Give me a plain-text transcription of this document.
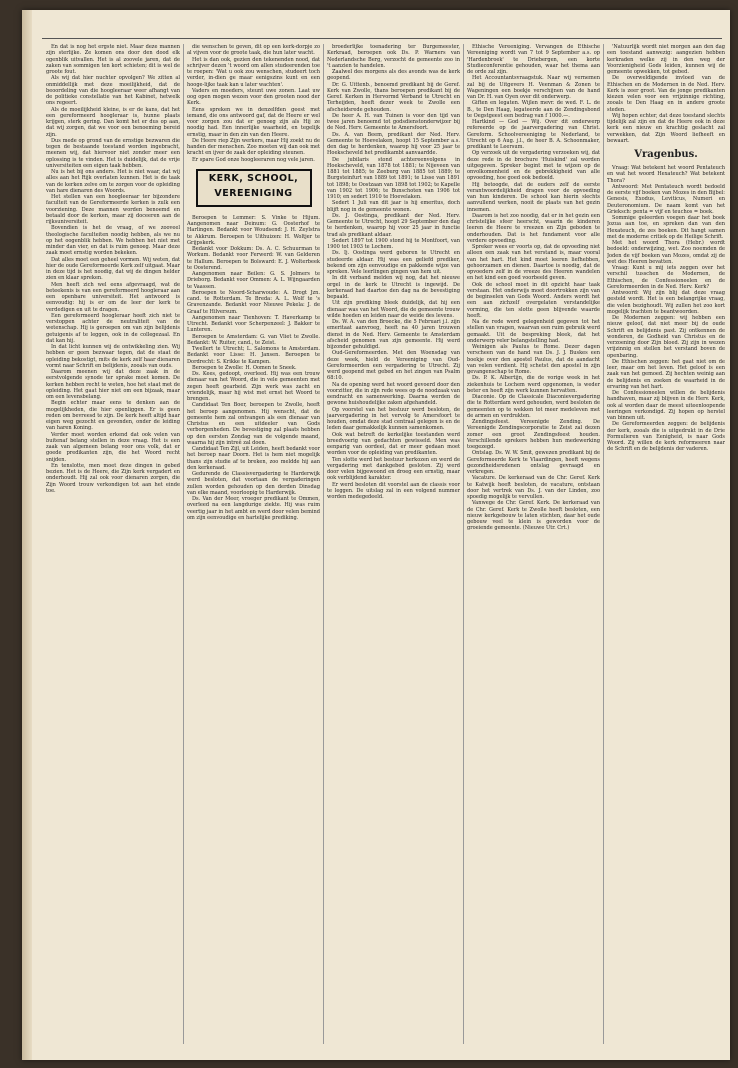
En dat is nog het ergste niet. Maar deze mannen zijn sterlijke. Ze komen ons door den dood elk ogenblik uitvallen. Het is al zoovele jaren, dat de zaken van sommigen ten kort schieten; dit is wel de groote fout.

Als wij dat hier nuchter opvolgen? We zitten al onmiddellijk met deze moeilijkheid, dat de beoordeling van die hoogleeraar weer afhangt van de politieke constellatie van het Kabinet, hetwelk ons regeert.

Als de moeilijkheid kleine, is er de kans, dat het een gereformeerd hoogleraar is, hunne plaats krijgen, sterk gering. Dan komt het er dus op aan, dat wij zorgen, dat we voor een benoeming bereid zijn.

Dus mede op grond van de ernstige bezwaren die tegen de bestaande toestand worden ingebracht, meenen wij, dat hiervoor niet zonder meer een oplossing is te vinden. Het is duidelijk, dat de vrije universiteiten een eigen taak hebben.

Nu is het bij ons anders. Het is niet waar, dat wij alles aan het Rijk overlaten kunnen. Het is de taak van de kerken zelve om te zorgen voor de opleiding van hare dienaren des Woords.

Het stellen van een hoogleeraar ter bijzondere faculteit van de Gereformeerde kerken is zulk een voorziening. Deze mannen worden benoemd en betaald door de kerken, maar zij doceeren aan de rijksuniversiteit.

Bovendien is het de vraag, of we zooveel theologische faculteiten noodig hebben, als we nu op het oogenblik hebben. We hebben het niet met minder dan vier, en dat is ruim genoeg. Maar deze zaak moet ernstig worden bekeken.

Dat alles moet een geheel vormen. Wij weten, dat hier de oude Gereformeerde Kerk zelf uitgaat. Maar in deze tijd is het noodig, dat wij de dingen helder zien en klaar spreken.

Men heeft zich wel eens afgevraagd, wat de beteekenis is van een gereformeerd hoogleraar aan een openbare universiteit. Het antwoord is eenvoudig: hij is er om de leer der kerk te verdedigen en uit te dragen.

Een gereformeerd hoogleraar heeft zich niet te verstoppen achter de neutraliteit van de wetenschap. Hij is geroepen om van zijn belijdenis getuigenis af te leggen, ook in de collegezaal. En dat kan hij.

In dat licht kunnen wij de ontwikkeling zien. Wij hebben er geen bezwaar tegen, dat de staat de opleiding bekostigt, mits de kerk zelf haar dienaren vormt naar Schrift en belijdenis, zooals van ouds.

Daarom meenen wij dat deze zaak in de eerstvolgende synode ter sprake moet komen. De kerken hebben recht te weten, hoe het staat met de opleiding. Het gaat hier niet om een bijzaak, maar om een levensbelang.

Begin echter maar eens te denken aan de mogelijkheden, die hier openliggen. Er is geen reden om bevreesd te zijn. De kerk heeft altijd haar eigen weg gezocht en gevonden, onder de leiding van haren Koning.

Verder moet worden erkend dat ook velen van buitenaf belang stellen in deze vraag. Het is een zaak van algemeen belang voor ons volk, dat er goede predikanten zijn, die het Woord recht snijden.

En tenslotte, men moet deze dingen in gebed bezien. Het is de Heere, die Zijn kerk vergadert en onderhoudt. Hij zal ook voor dienaren zorgen, die Zijn Woord trouw verkondigen tot aan het einde toe.

die wenschen te geven, dit op een kerk-dorpje zo al vijven voor de groote taak, die hun later wacht.

Het is dan ook, gezien den tekenenden nood, dat schrijver dezen 't woord om allen studeerenden toe te roepen: 'Wat u ook zou wenschen, studeert toch verder, in-dien ge maar eenigszins kunt en een hooge-lijke taak kan u later wachten'.

Vaders en moeders, steunt uwe zonen. Laat uw oog open mogen wezen voor den grooten nood der Kerk.

Eens spreken we in denzelfden geest met iemand, die ons antwoord gaf, dat de Heere er wel voor zorgen zou dat er genoeg zijn als Hij ze noodig had. Een innerlijke waarheid, en tegelijk ernstig, maar in den zin van den Heere.

De Heere riep Zijn werkers, maar Hij zoekt nu de handen der menschen. Zoo moeten wij dan ook met kracht en ijver de zaak der opleiding steunen.

Er spare God onze hoogleeraren nog vele jaren.

KERK, SCHOOL,
VEREENIGING

Beroepen te Lemmer: S. Vinke te Hijum. Aangenomen naar Deinum: G. Oosterhof te Harlingen. Bedankt voor Woudsend: J. H. Zeylstra te Akkrum. Beroepen te Uithuizen: H. Woltjer te Grijpskerk.

Bedankt voor Dokkum: Ds. A. C. Schuurman te Workum. Bedankt voor Ferwerd: W. van Gelderen te Hallum. Beroepen te Bolsward: E. J. Wolterbeek te Oosterend.

Aangenomen naar Beilen: G. S. Jolmers te Drieborg. Bedankt voor Ommen: A. L. Wijngaarden te Vaassen.

Beroepen te Noord-Scharwoude: A. Drogt Jzn. cand. te Rotterdam. Te Breda: A. L. Wolf te 's Gravenzande. Bedankt voor Nieuwe Pekela: J. de Graaf te Hilversum.

Aangenomen naar Tienhoven: T. Haverkamp te Utrecht. Bedankt voor Scherpenzeel: J. Bakker te Lunteren.

Beroepen te Amsterdam: G. van Vliet te Zwolle. Bedankt: W. Ruiter, cand., te Zeist.

Twellert te Utrecht; L. Salomons te Amsterdam. Bedankt voor Lisse: H. Jansen. Beroepen te Dordrecht: S. Krikke te Kampen.

Beroepen te Zwolle: H. Oomen te Sneek.

Ds. Kees, gedoopt, overleed. Hij was een trouw dienaar van het Woord, die in vele gemeenten met zegen heeft gearbeid. Zijn werk was zacht en vriendelijk, maar hij wist met ernst het Woord te brengen.

Candidaat Ten Boer, beroepen te Zwolle, heeft het beroep aangenomen. Hij wenscht, dat de gemeente hem zal ontvangen als een dienaar van Christus en een uitdeeler van Gods verborgenheden. De bevestiging zal plaats hebben op den eersten Zondag van de volgende maand, waarna hij zijn intreê zal doen.

Candidaat Ten Zijl, uit Leiden, heeft bedankt voor het beroep naar Doorn. Het is hem niet mogelijk thans zijn studie af te breken, zoo meldde hij aan den kerkeraad.

Gedurende de Classisvergadering te Harderwijk werd besloten, dat voortaan de vergaderingen zullen worden gehouden op den derden Dinsdag van elke maand, voorloopig te Harderwijk.

Ds. Van der Meer, vroeger predikant te Ommen, overleed na een langdurige ziekte. Hij was ruim veertig jaar in het ambt en werd door velen bemind om zijn eenvoudige en hartelijke prediking.

broederlijke toenadering ter Burgemeester, Kerkraad, beroepen ook Ds. P. Warners van Nederlandsche Berg, verzocht de gemeente zoo in 't aanzien te handelen.

Zaalwel des morgens als des avonds was de kerk geopend.

Dr. G. Uittenb., benoemd predikant bij de Geref. Kerk van Zwolle, thans beroepen predikant bij de Geref. Kerken in Hervormd Verband te Utrecht en Terheijden, heeft dezer week te Zwolle een afscheidsrede gehouden.

De heer A. H. van Tuinen is voor den tijd van twee jaren benoemd tot godsdienstonderwijzer bij de Ned. Herv. Gemeente te Amersfoort.

Ds. A. van Beem, predikant der Ned. Herv. Gemeente te Hoevelaken, hoopt 15 September a.s. den dag te herdenken, waarop hij voor 25 jaar te Hoekscheveld het predikambt aanvaardde.

De jubilaris stond achtereenvolgens in Hoekscheveld, van 1878 tot 1881; te Nijeveen van 1881 tot 1885; te Zeeburg van 1885 tot 1889; te Burgsteinfurt van 1889 tot 1891; te Lisse van 1891 tot 1898; te Oostzaan van 1898 tot 1902; te Kapelle van 1902 tot 1906; te Bunschoten van 1906 tot 1910; en sedert 1910 te Hoevelaken.

Sedert 1 Juli van dit jaar is hij emeritus, doch blijft nog in de gemeente wonen.

Ds. J. Oostinga, predikant der Ned. Herv. Gemeente te Utrecht, hoopt 29 September den dag te herdenken, waarop hij voor 25 jaar in functie trad als predikant aldaar.

Sedert 1897 tot 1900 stond hij te Montfoort, van 1900 tot 1903 te Lochem.

Ds. Ij. Oostinga werd geboren te Utrecht en studeerde aldaar. Hij was een geliefd prediker, bekend om zijn eenvoudige en pakkende wijze van spreken. Vele leerlingen gingen van hem uit.

In dit verband melden wij nog, dat het nieuwe orgel in de kerk te Utrecht is ingewijd. De kerkeraad had daartoe den dag na de bevestiging bepaald.

Uit zijn prediking bleek duidelijk, dat hij een dienaar was van het Woord, die de gemeente trouw wilde hoeden en leiden naar de weide des levens.

Ds. W. A. van den Broecke, die 5 Februari j.l. zijn emeritaat aanvroeg, heeft na 40 jaren trouwen dienst in de Ned. Herv. Gemeente te Amsterdam afscheid genomen van zijn gemeente. Hij werd bijzonder gehuldigd.

Oud-Gereformeerden. Met den Woensdag van deze week, hield de Vereeniging van Oud-Gereformeerden een vergadering te Utrecht. Zij werd geopend met gebed en het zingen van Psalm 68:10.

Na de opening werd het woord gevoerd door den voorzitter, die in zijn rede wees op de noodzaak van eendracht en samenwerking. Daarna werden de gewone huishoudelijke zaken afgehandeld.

Op voorstel van het bestuur werd besloten, de jaarvergadering in het vervolg te Amersfoort te houden, omdat deze stad centraal gelegen is en de leden daar gemakkelijk kunnen samenkomen.

Ook wat betreft de kerkelijke toestanden werd breedvoerig van gedachten gewisseld. Men was eenparig van oordeel, dat er meer gedaan moet worden voor de opleiding van predikanten.

Ten slotte werd het bestuur herkozen en werd de vergadering met dankgebed gesloten. Zij werd door velen bijgewoond en droeg een ernstig, maar ook verblijdend karakter.

Er werd besloten dit voorstel aan de classis voor te leggen. De uitslag zal in een volgend nummer worden medegedeeld.

Ethische Vereeniging. Vervangen de Ethische Vereeniging wordt van 7 tot 9 September a.s. op 'Hardenbroek' te Driebergen, een korte Studieconferentie gehouden, waar het thema aan de orde zal zijn.

Het Accountantsvraagstuk. Naar wij vernemen zal bij de Uitgevers H. Veenman & Zonen te Wageningen een boekje verschijnen van de hand van Dr. H. van Oyen over dit onderwerp.

Giften en legaten. Wijlen mevr. de wed. F. L. de B., te Den Haag, legateerde aan de Zendingsbond te Oegstgeest een bedrag van f 1000.—.

Hartkind — God — Wij. Over dit onderwerp refereerde op de jaarvergadering van Christ. Gereform. Schoolvereeniging te Nederland, te Utrecht op 6 Aug. j.l., de heer B. A. Schoonmaker, predikant te Leersum.

Op verzoek uit de vergadering verzoeken wij, dat deze rede in de brochure 'Huiskind' zal worden uitgegeven. Spreker begint met te wijzen op de onvolkomenheid en de gebrekkigheid van alle opvoeding, hoe goed ook bedoeld.

Hij betoogde, dat de ouders zelf de eerste verantwoordelijkheid dragen voor de opvoeding van hun kinderen. De school kan hierin slechts aanvullend werken, nooit de plaats van het gezin innemen.

Daarom is het zoo noodig, dat er in het gezin een christelijke sfeer heerscht, waarin de kinderen leeren de Heere te vreezen en Zijn geboden te onderhouden. Dat is het fundament voor alle verdere opvoeding.

Spreker wees er voorts op, dat de opvoeding niet alleen een zaak van het verstand is, maar vooral van het hart. Het kind moet leeren liefhebben, gehoorzamen en dienen. Daartoe is noodig, dat de opvoeders zelf in de vreeze des Heeren wandelen en het kind een goed voorbeeld geven.

Ook de school moet in dit opzicht haar taak verstaan. Het onderwijs moet doortrokken zijn van de beginselen van Gods Woord. Anders wordt het een aan zichzelf overgelaten verstandelijke vorming, die ten slotte geen blijvende waarde heeft.

Na de rede werd gelegenheid gegeven tot het stellen van vragen, waarvan een ruim gebruik werd gemaakt. Uit de bespreking bleek, dat het onderwerp veler belangstelling had.

Weinigen als Paulus te Rome. Dezer dagen verscheen van de hand van Ds. J. J. Buskes een boekje over den apostel Paulus, dat de aandacht van velen verdient. Hij schetst den apostel in zijn gevangenschap te Rome.

Ds. P. K. Albertijn, die de vorige week in het ziekenhuis te Lochem werd opgenomen, is weder beter en heeft zijn werk kunnen hervatten.

Diaconie. Op de Classicale Diaconievergadering die te Rotterdam werd gehouden, werd besloten de gemeenten op te wekken tot meer medeleven met de armen en verdrukten.

Zendingsfeest. Vereenigde Zending. De Vereenigde Zendingscorporatie te Zeist zal dezen zomer een groot Zendingsfeest houden. Verschillende sprekers hebben hun medewerking toegezegd.

Ontslag. Ds. W. W. Smit, gewezen predikant bij de Gereformeerde Kerk te Vlaardingen, heeft wegens gezondheidsredenen ontslag gevraagd en verkregen.

Vacature. De kerkeraad van de Chr. Geref. Kerk te Katwijk heeft besloten, de vacature, ontstaan door het vertrek van Ds. J. van der Linden, zoo spoedig mogelijk te vervullen.

Vanwege de Chr. Geref. Kerk. De kerkeraad van de Chr. Geref. Kerk te Zwolle heeft besloten, een nieuw kerkgebouw te laten stichten, daar het oude gebouw veel te klein is geworden voor de groeiende gemeente. (Nieuwe Utr. Crt.)

'Natuurlijk wordt niet morgen aan den dag een toestand aanwezig: aangezien hebben kerkraden welke zij in den weg der Voorzienigheid Gods leiden, kunnen wij de gemeente opwekken, tot gebed.

De overweldigende invloed van de Ethischen en de Modernen in de Ned. Herv. Kerk is zeer groot. Van de jonge predikanten kiezen velen voor een vrijzinnige richting, zooals te Den Haag en in andere groote steden.

Wij hopen echter, dat deze toestand slechts tijdelijk zal zijn en dat de Heere ook in deze kerk een nieuw en krachtig geslacht zal verwekken, dat Zijn Woord liefheeft en bewaart.

Vragenbus.

Vraag: Wat betekent het woord Pentateuch en wat het woord Hexateuch? Wat betekent Thora?

Antwoord: Met Pentateuch wordt bedoeld de eerste vijf boeken van Mozes in den Bijbel: Genesis, Exodus, Leviticus, Numeri en Deuteronomium. De naam komt van het Grieksch: penta = vijf en teuchos = boek.

Sommige geleerden voegen daar het boek Jozua aan toe, en spreken dan van den Hexateuch, de zes boeken. Dit hangt samen met de moderne critiek op de Heilige Schrift.

Met het woord Thora (Hebr.) wordt bedoeld: onderwijzing, wet. Zoo noemden de Joden de vijf boeken van Mozes, omdat zij de wet des Heeren bevatten.

Vraag: Kunt u mij iets zeggen over het verschil tusschen de Modernen, de Ethischen, de Confessioneelen en de Gereformeerden in de Ned. Herv. Kerk?

Antwoord: Wij zijn blij dat deze vraag gesteld wordt. Het is een belangrijke vraag, die velen bezighoudt. Wij zullen het zoo kort mogelijk trachten te beantwoorden.

De Modernen zeggen: wij hebben een nieuw geloof, dat niet meer bij de oude Schrift en belijdenis past. Zij ontkennen de wonderen, de Godheid van Christus en de verzoening door Zijn bloed. Zij zijn in wezen vrijzinnig en stellen het verstand boven de openbaring.

De Ethischen zeggen: het gaat niet om de leer, maar om het leven. Het geloof is een zaak van het gemoed. Zij hechten weinig aan de belijdenis en zoeken de waarheid in de ervaring van het hart.

De Confessioneelen willen de belijdenis handhaven, maar zij blijven in de Herv. Kerk, ook al worden daar de meest uiteenloopende leeringen verkondigd. Zij hopen op herstel van binnen uit.

De Gereformeerden zeggen: de belijdenis der kerk, zooals die is uitgedrukt in de Drie Formulieren van Eenigheid, is naar Gods Woord. Zij willen de kerk reformeeren naar de Schrift en de belijdenis der vaderen.
